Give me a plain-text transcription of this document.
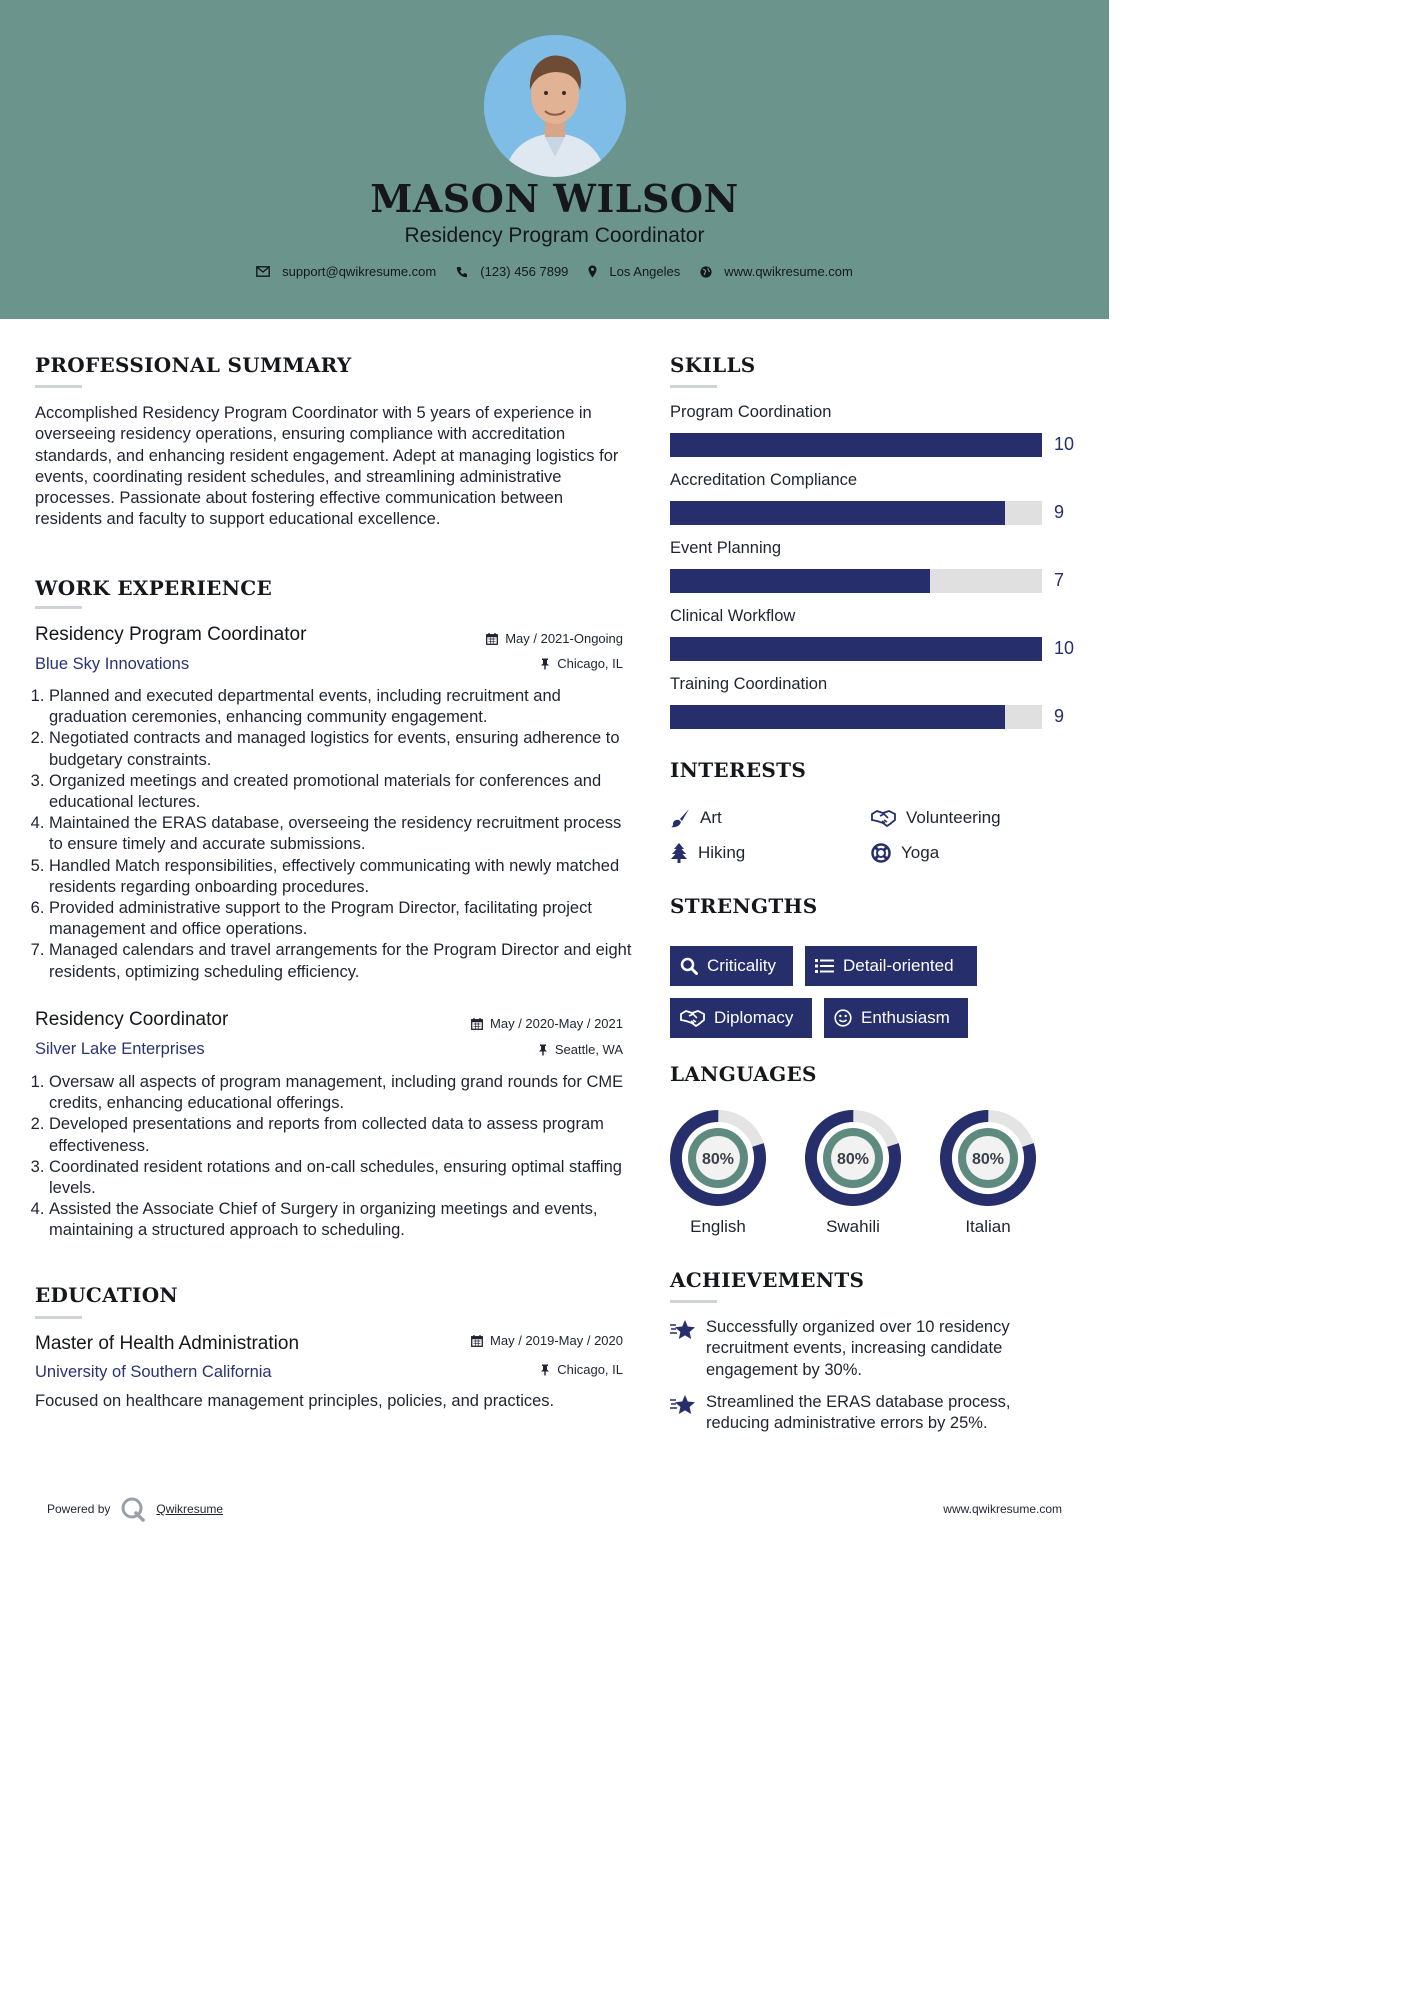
MASON WILSON
Residency Program Coordinator
support@qwikresume.com	(123) 456 7899	Los Angeles	www.qwikresume.com
PROFESSIONAL SUMMARY
Accomplished Residency Program Coordinator with 5 years of experience in overseeing residency operations, ensuring compliance with accreditation standards, and enhancing resident engagement. Adept at managing logistics for events, coordinating resident schedules, and streamlining administrative processes. Passionate about fostering effective communication between residents and faculty to support educational excellence.
WORK EXPERIENCE
Residency Program Coordinator	May / 2021-Ongoing
Blue Sky Innovations	Chicago, IL
1. Planned and executed departmental events, including recruitment and graduation ceremonies, enhancing community engagement.
2. Negotiated contracts and managed logistics for events, ensuring adherence to budgetary constraints.
3. Organized meetings and created promotional materials for conferences and educational lectures.
4. Maintained the ERAS database, overseeing the residency recruitment process to ensure timely and accurate submissions.
5. Handled Match responsibilities, effectively communicating with newly matched residents regarding onboarding procedures.
6. Provided administrative support to the Program Director, facilitating project management and office operations.
7. Managed calendars and travel arrangements for the Program Director and eight residents, optimizing scheduling efficiency.
Residency Coordinator	May / 2020-May / 2021
Silver Lake Enterprises	Seattle, WA
1. Oversaw all aspects of program management, including grand rounds for CME credits, enhancing educational offerings.
2. Developed presentations and reports from collected data to assess program effectiveness.
3. Coordinated resident rotations and on-call schedules, ensuring optimal staffing levels.
4. Assisted the Associate Chief of Surgery in organizing meetings and events, maintaining a structured approach to scheduling.
EDUCATION
Master of Health Administration	May / 2019-May / 2020
University of Southern California	Chicago, IL
Focused on healthcare management principles, policies, and practices.
SKILLS
Program Coordination
10
Accreditation Compliance
9
Event Planning
7
Clinical Workflow
10
Training Coordination
9
INTERESTS
Art	Volunteering
Hiking	Yoga
STRENGTHS
Criticality	Detail-oriented
Diplomacy	Enthusiasm
LANGUAGES
80%
English
80%
Swahili
80%
Italian
ACHIEVEMENTS
Successfully organized over 10 residency recruitment events, increasing candidate engagement by 30%.
Streamlined the ERAS database process, reducing administrative errors by 25%.
Powered by	Qwikresume	www.qwikresume.com
